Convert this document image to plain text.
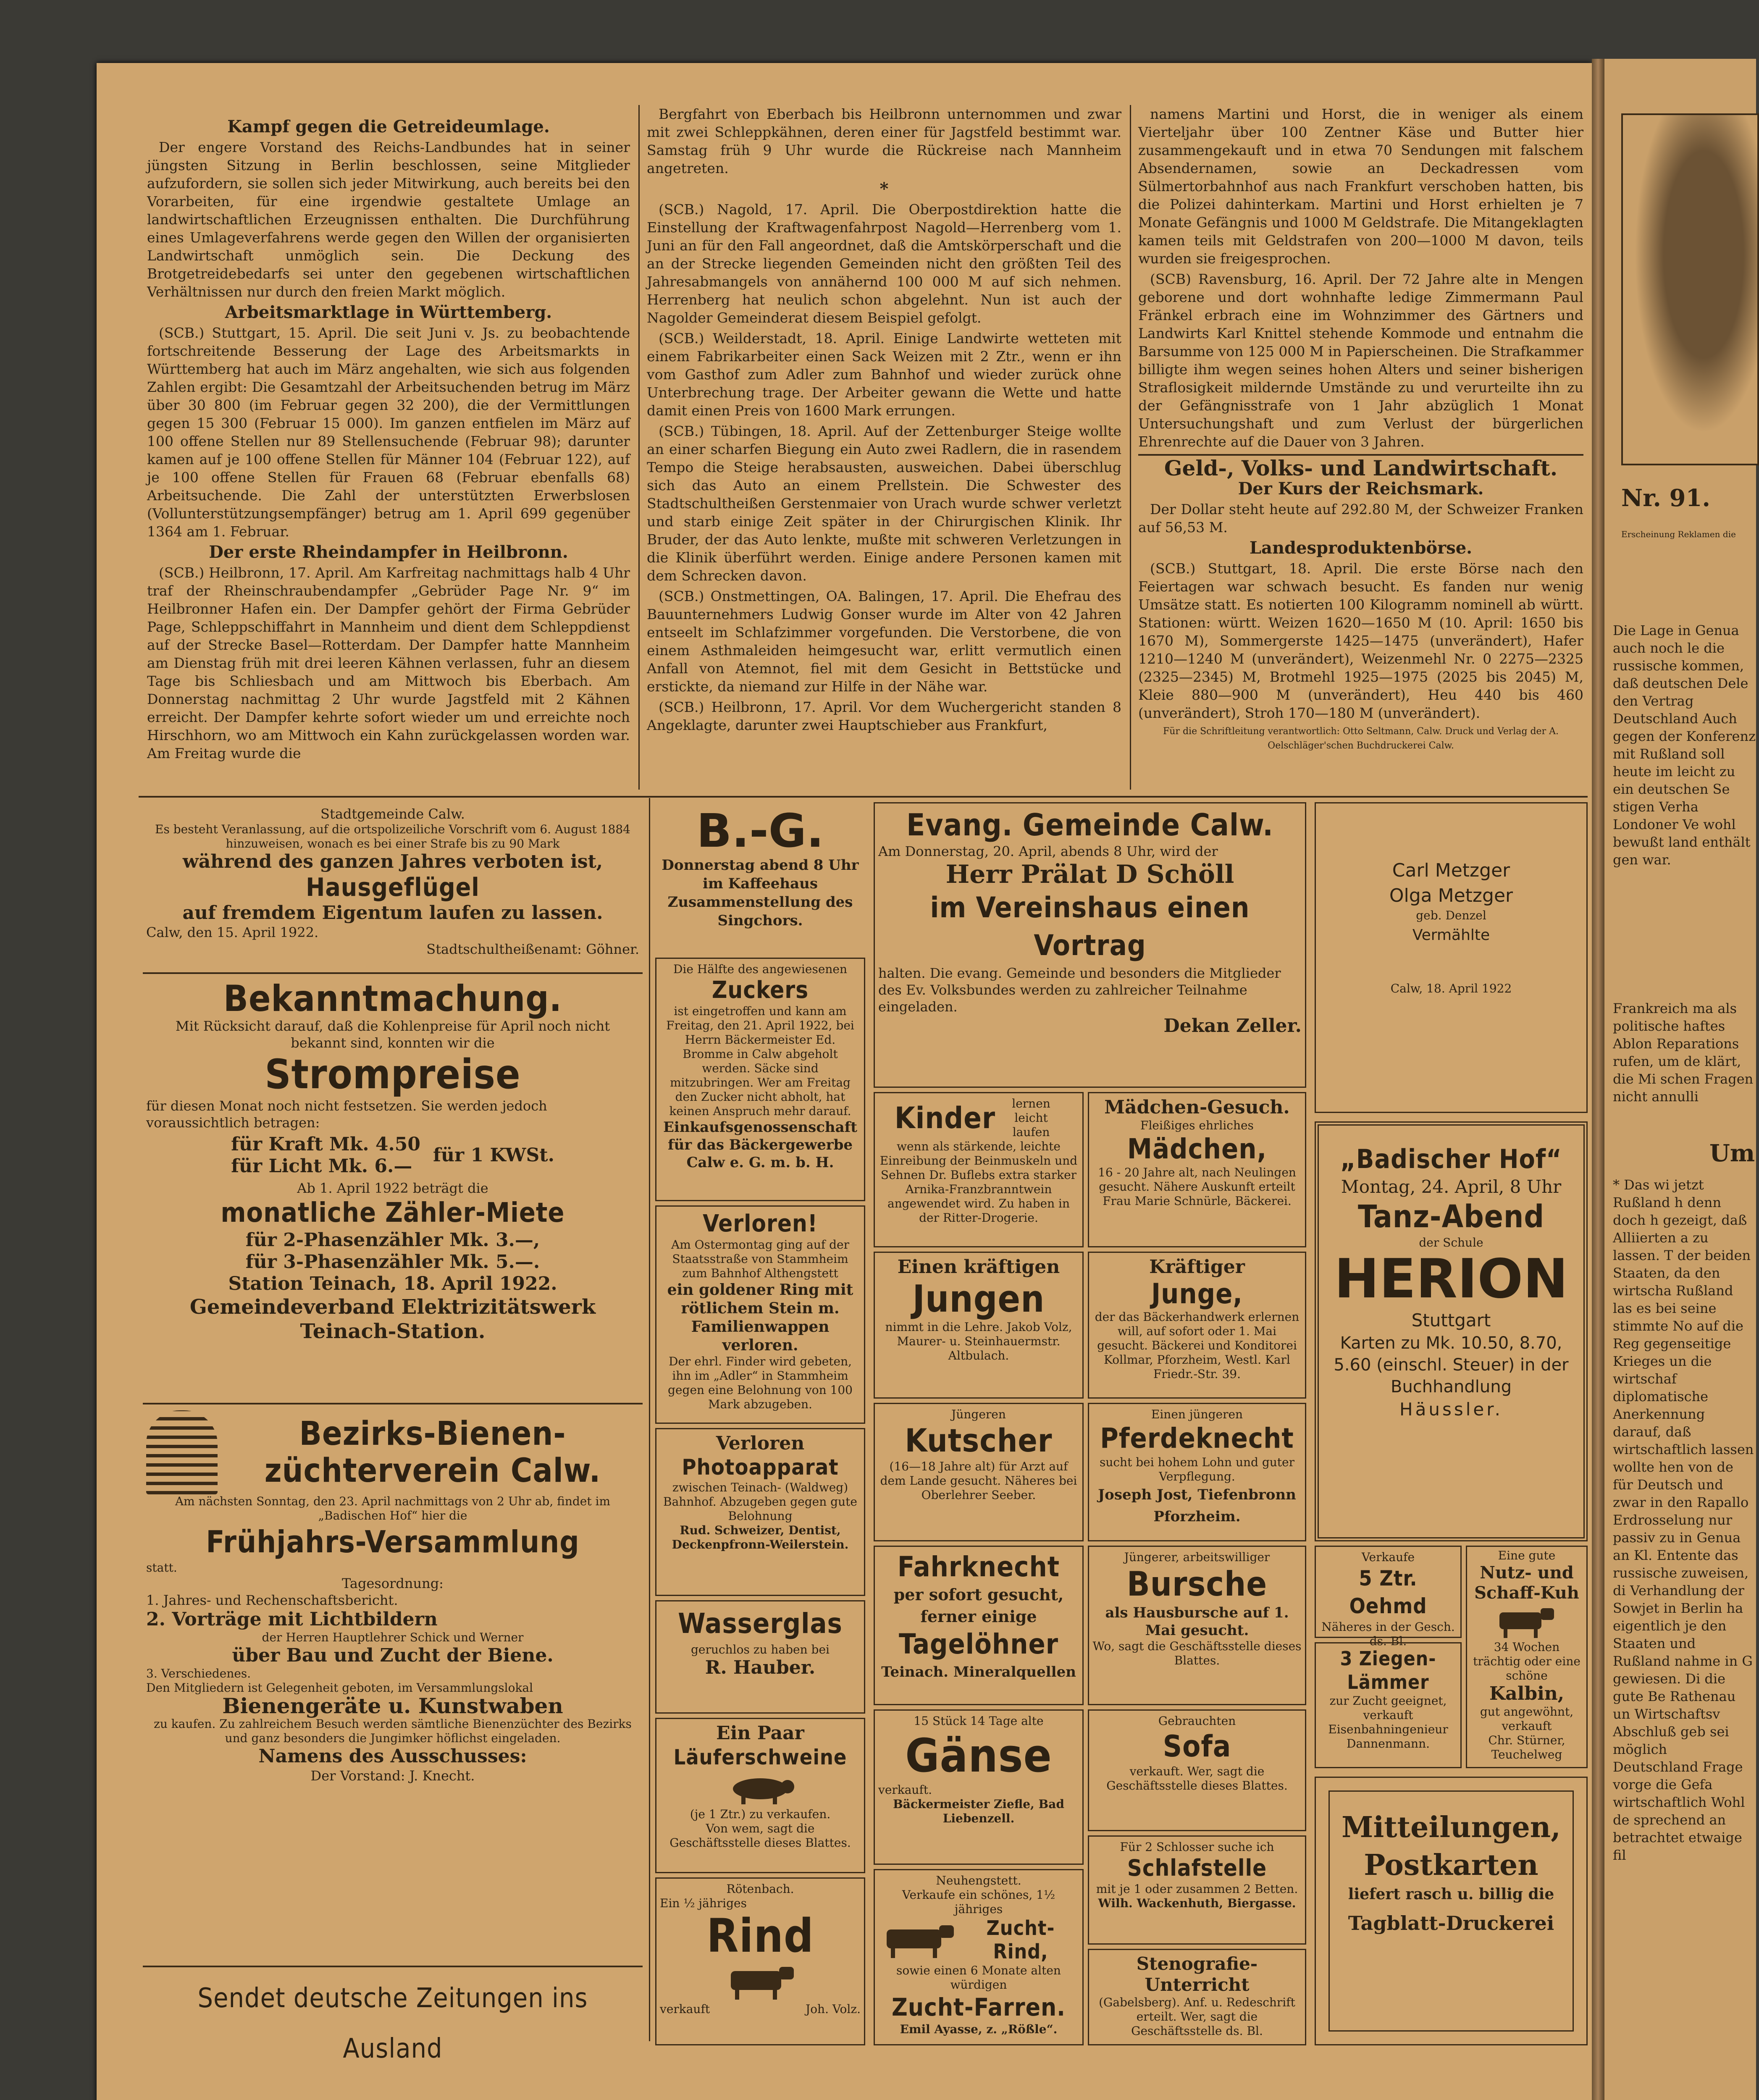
Kampf gegen die Getreideumlage.

Der engere Vorstand des Reichs-Landbundes hat in seiner jüngsten Sitzung in Berlin beschlossen, seine Mitglieder aufzufordern, sie sollen sich jeder Mitwirkung, auch bereits bei den Vorarbeiten, für eine irgendwie gestaltete Umlage an landwirtschaftlichen Erzeugnissen enthalten. Die Durchführung eines Umlageverfahrens werde gegen den Willen der organisierten Landwirtschaft unmöglich sein. Die Deckung des Brotgetreidebedarfs sei unter den gegebenen wirtschaftlichen Verhältnissen nur durch den freien Markt möglich.

Arbeitsmarktlage in Württemberg.

(SCB.) Stuttgart, 15. April. Die seit Juni v. Js. zu beobachtende fortschreitende Besserung der Lage des Arbeitsmarkts in Württemberg hat auch im März angehalten, wie sich aus folgenden Zahlen ergibt: Die Gesamtzahl der Arbeitsuchenden betrug im März über 30 800 (im Februar gegen 32 200), die der Vermittlungen gegen 15 300 (Februar 15 000). Im ganzen entfielen im März auf 100 offene Stellen nur 89 Stellensuchende (Februar 98); darunter kamen auf je 100 offene Stellen für Männer 104 (Februar 122), auf je 100 offene Stellen für Frauen 68 (Februar ebenfalls 68) Arbeitsuchende. Die Zahl der unterstützten Erwerbslosen (Vollunterstützungsempfänger) betrug am 1. April 699 gegenüber 1364 am 1. Februar.

Der erste Rheindampfer in Heilbronn.

(SCB.) Heilbronn, 17. April. Am Karfreitag nachmittags halb 4 Uhr traf der Rheinschraubendampfer „Gebrüder Page Nr. 9“ im Heilbronner Hafen ein. Der Dampfer gehört der Firma Gebrüder Page, Schleppschiffahrt in Mannheim und dient dem Schleppdienst auf der Strecke Basel—Rotterdam. Der Dampfer hatte Mannheim am Dienstag früh mit drei leeren Kähnen verlassen, fuhr an diesem Tage bis Schliesbach und am Mittwoch bis Eberbach. Am Donnerstag nachmittag 2 Uhr wurde Jagstfeld mit 2 Kähnen erreicht. Der Dampfer kehrte sofort wieder um und erreichte noch Hirschhorn, wo am Mittwoch ein Kahn zurückgelassen worden war. Am Freitag wurde die

Bergfahrt von Eberbach bis Heilbronn unternommen und zwar mit zwei Schleppkähnen, deren einer für Jagstfeld bestimmt war. Samstag früh 9 Uhr wurde die Rückreise nach Mannheim angetreten.

*

(SCB.) Nagold, 17. April. Die Oberpostdirektion hatte die Einstellung der Kraftwagenfahrpost Nagold—Herrenberg vom 1. Juni an für den Fall angeordnet, daß die Amtskörperschaft und die an der Strecke liegenden Gemeinden nicht den größten Teil des Jahresabmangels von annähernd 100 000 M auf sich nehmen. Herrenberg hat neulich schon abgelehnt. Nun ist auch der Nagolder Gemeinderat diesem Beispiel gefolgt.

(SCB.) Weilderstadt, 18. April. Einige Landwirte wetteten mit einem Fabrikarbeiter einen Sack Weizen mit 2 Ztr., wenn er ihn vom Gasthof zum Adler zum Bahnhof und wieder zurück ohne Unterbrechung trage. Der Arbeiter gewann die Wette und hatte damit einen Preis von 1600 Mark errungen.

(SCB.) Tübingen, 18. April. Auf der Zettenburger Steige wollte an einer scharfen Biegung ein Auto zwei Radlern, die in rasendem Tempo die Steige herabsausten, ausweichen. Dabei überschlug sich das Auto an einem Prellstein. Die Schwester des Stadtschultheißen Gerstenmaier von Urach wurde schwer verletzt und starb einige Zeit später in der Chirurgischen Klinik. Ihr Bruder, der das Auto lenkte, mußte mit schweren Verletzungen in die Klinik überführt werden. Einige andere Personen kamen mit dem Schrecken davon.

(SCB.) Onstmettingen, OA. Balingen, 17. April. Die Ehefrau des Bauunternehmers Ludwig Gonser wurde im Alter von 42 Jahren entseelt im Schlafzimmer vorgefunden. Die Verstorbene, die von einem Asthmaleiden heimgesucht war, erlitt vermutlich einen Anfall von Atemnot, fiel mit dem Gesicht in Bettstücke und erstickte, da niemand zur Hilfe in der Nähe war.

(SCB.) Heilbronn, 17. April. Vor dem Wuchergericht standen 8 Angeklagte, darunter zwei Hauptschieber aus Frankfurt,

namens Martini und Horst, die in weniger als einem Vierteljahr über 100 Zentner Käse und Butter hier zusammengekauft und in etwa 70 Sendungen mit falschem Absendernamen, sowie an Deckadressen vom Sülmertorbahnhof aus nach Frankfurt verschoben hatten, bis die Polizei dahinterkam. Martini und Horst erhielten je 7 Monate Gefängnis und 1000 M Geldstrafe. Die Mitangeklagten kamen teils mit Geldstrafen von 200—1000 M davon, teils wurden sie freigesprochen.

(SCB) Ravensburg, 16. April. Der 72 Jahre alte in Mengen geborene und dort wohnhafte ledige Zimmermann Paul Fränkel erbrach eine im Wohnzimmer des Gärtners und Landwirts Karl Knittel stehende Kommode und entnahm die Barsumme von 125 000 M in Papierscheinen. Die Strafkammer billigte ihm wegen seines hohen Alters und seiner bisherigen Straflosigkeit mildernde Umstände zu und verurteilte ihn zu der Gefängnisstrafe von 1 Jahr abzüglich 1 Monat Untersuchungshaft und zum Verlust der bürgerlichen Ehrenrechte auf die Dauer von 3 Jahren.

Geld-, Volks- und Landwirtschaft.

Der Kurs der Reichsmark.

Der Dollar steht heute auf 292.80 M, der Schweizer Franken auf 56,53 M.

Landesproduktenbörse.

(SCB.) Stuttgart, 18. April. Die erste Börse nach den Feiertagen war schwach besucht. Es fanden nur wenig Umsätze statt. Es notierten 100 Kilogramm nominell ab württ. Stationen: württ. Weizen 1620—1650 M (10. April: 1650 bis 1670 M), Sommergerste 1425—1475 (unverändert), Hafer 1210—1240 M (unverändert), Weizenmehl Nr. 0 2275—2325 (2325—2345) M, Brotmehl 1925—1975 (2025 bis 2045) M, Kleie 880—900 M (unverändert), Heu 440 bis 460 (unverändert), Stroh 170—180 M (unverändert).

Für die Schriftleitung verantwortlich: Otto Seltmann, Calw. Druck und Verlag der A. Oelschläger'schen Buchdruckerei Calw.

Stadtgemeinde Calw.
Es besteht Veranlassung, auf die ortspolizeiliche Vorschrift vom 6. August 1884 hinzuweisen, wonach es bei einer Strafe bis zu 90 Mark
während des ganzen Jahres verboten ist,
Hausgeflügel
auf fremdem Eigentum laufen zu lassen.
Calw, den 15. April 1922.
Stadtschultheißenamt: Göhner.
Bekanntmachung.
Mit Rücksicht darauf, daß die Kohlenpreise für April noch nicht bekannt sind, konnten wir die
Strompreise
für diesen Monat noch nicht festsetzen. Sie werden jedoch voraussichtlich betragen:
für Kraft Mk. 4.50
für Licht Mk. 6.—
für 1 KWSt.
Ab 1. April 1922 beträgt die
monatliche Zähler-Miete
für 2-Phasenzähler Mk. 3.—,
für 3-Phasenzähler Mk. 5.—.
Station Teinach, 18. April 1922.
Gemeindeverband Elektrizitätswerk Teinach-Station.
Bezirks-Bienen-züchterverein Calw.
Am nächsten Sonntag, den 23. April nachmittags von 2 Uhr ab, findet im „Badischen Hof“ hier die
Frühjahrs-Versammlung
statt.
Tagesordnung:
1. Jahres- und Rechenschaftsbericht.
2. Vorträge mit Lichtbildern
der Herren Hauptlehrer Schick und Werner
über Bau und Zucht der Biene.
3. Verschiedenes.
Den Mitgliedern ist Gelegenheit geboten, im Versammlungslokal
Bienengeräte u. Kunstwaben
zu kaufen. Zu zahlreichem Besuch werden sämtliche Bienenzüchter des Bezirks und ganz besonders die Jungimker höflichst eingeladen.
Namens des Ausschusses:
Der Vorstand: J. Knecht.
Sendet deutsche Zeitungen ins Ausland
B.-G.
Donnerstag abend 8 Uhr im Kaffeehaus Zusammenstellung des Singchors.
Die Hälfte des angewiesenen
Zuckers
ist eingetroffen und kann am Freitag, den 21. April 1922, bei Herrn Bäckermeister Ed. Bromme in Calw abgeholt werden. Säcke sind mitzubringen. Wer am Freitag den Zucker nicht abholt, hat keinen Anspruch mehr darauf.
Einkaufsgenossenschaft für das Bäckergewerbe Calw e. G. m. b. H.
Verloren!
Am Ostermontag ging auf der Staatsstraße von Stammheim zum Bahnhof Althengstett
ein goldener Ring mit rötlichem Stein m. Familienwappen verloren.
Der ehrl. Finder wird gebeten, ihn im „Adler“ in Stammheim gegen eine Belohnung von 100 Mark abzugeben.
Verloren
Photoapparat
zwischen Teinach- (Waldweg) Bahnhof. Abzugeben gegen gute Belohnung
Rud. Schweizer, Dentist, Deckenpfronn-Weilerstein.
Wasserglas
geruchlos zu haben bei
R. Hauber.
Ein Paar
Läuferschweine
(je 1 Ztr.) zu verkaufen.
Von wem, sagt die Geschäftsstelle dieses Blattes.
Rötenbach.
Ein ½ jähriges
Rind
verkauft	Joh. Volz.
Evang. Gemeinde Calw.
Am Donnerstag, 20. April, abends 8 Uhr, wird der
Herr Prälat D Schöll
im Vereinshaus einen Vortrag
halten. Die evang. Gemeinde und besonders die Mitglieder des Ev. Volksbundes werden zu zahlreicher Teilnahme eingeladen.
Dekan Zeller.
Kinder	lernen leicht laufen
wenn als stärkende, leichte Einreibung der Beinmuskeln und Sehnen Dr. Buflebs extra starker Arnika-Franzbranntwein angewendet wird. Zu haben in der Ritter-Drogerie.
Mädchen-Gesuch.
Fleißiges ehrliches
Mädchen,
16 - 20 Jahre alt, nach Neulingen gesucht. Nähere Auskunft erteilt Frau Marie Schnürle, Bäckerei.
Einen kräftigen
Jungen
nimmt in die Lehre. Jakob Volz, Maurer- u. Steinhauermstr. Altbulach.
Kräftiger
Junge,
der das Bäckerhandwerk erlernen will, auf sofort oder 1. Mai gesucht. Bäckerei und Konditorei Kollmar, Pforzheim, Westl. Karl Friedr.-Str. 39.
Jüngeren
Kutscher
(16—18 Jahre alt) für Arzt auf dem Lande gesucht. Näheres bei Oberlehrer Seeber.
Einen jüngeren
Pferdeknecht
sucht bei hohem Lohn und guter Verpflegung.
Joseph Jost, Tiefenbronn Pforzheim.
Fahrknecht
per sofort gesucht, ferner einige
Tagelöhner
Teinach. Mineralquellen
Jüngerer, arbeitswilliger
Bursche
als Hausbursche auf 1. Mai gesucht.
Wo, sagt die Geschäftsstelle dieses Blattes.
15 Stück 14 Tage alte
Gänse
verkauft.
Bäckermeister Ziefle, Bad Liebenzell.
Gebrauchten
Sofa
verkauft. Wer, sagt die Geschäftsstelle dieses Blattes.
Neuhengstett.
Verkaufe ein schönes, 1½ jähriges
Zucht-Rind,
sowie einen 6 Monate alten würdigen
Zucht-Farren.
Emil Ayasse, z. „Rößle“.
Für 2 Schlosser suche ich
Schlafstelle
mit je 1 oder zusammen 2 Betten.
Wilh. Wackenhuth, Biergasse.
Stenografie-Unterricht
(Gabelsberg). Anf. u. Redeschrift erteilt. Wer, sagt die Geschäftsstelle ds. Bl.
Carl Metzger
Olga Metzger
geb. Denzel
Vermählte
Calw, 18. April 1922
„Badischer Hof“
Montag, 24. April, 8 Uhr
Tanz-Abend
der Schule
HERION
Stuttgart
Karten zu Mk. 10.50, 8.70, 5.60 (einschl. Steuer) in der Buchhandlung
Häussler.
Verkaufe
5 Ztr. Oehmd
Näheres in der Gesch. ds. Bl.
3 Ziegen-Lämmer
zur Zucht geeignet, verkauft Eisenbahningenieur Dannenmann.
Eine gute
Nutz- und Schaff-Kuh
34 Wochen
trächtig oder eine schöne
Kalbin,
gut angewöhnt, verkauft
Chr. Stürner, Teuchelweg
Mitteilungen, Postkarten
liefert rasch u. billig die
Tagblatt-Druckerei
Nr. 91.
Erscheinung Reklamen die
Die Lage in Genua auch noch le die russische kommen, daß deutschen Dele den Vertrag Deutschland Auch gegen der Konferenz mit Rußland soll heute im leicht zu ein deutschen Se stigen Verha Londoner Ve wohl bewußt land enthält gen war.
Frankreich ma als politische haftes Ablon Reparations rufen, um de klärt, die Mi schen Fragen nicht annulli
Um
* Das wi jetzt Rußland h denn doch h gezeigt, daß Alliierten a zu lassen. T der beiden Staaten, da den wirtscha Rußland las es bei seine stimmte No auf die Reg gegenseitige Krieges un die wirtschaf diplomatische Anerkennung darauf, daß wirtschaftlich lassen wollte hen von de für Deutsch und zwar in den Rapallo Erdrosselung nur passiv zu in Genua an Kl. Entente das russische zuweisen, di Verhandlung der Sowjet in Berlin ha eigentlich je den Staaten und Rußland nahme in G gewiesen. Di die gute Be Rathenau un Wirtschaftsv Abschluß geb sei möglich Deutschland Frage vorge die Gefa wirtschaftlich Wohl de sprechend an betrachtet etwaige fil
